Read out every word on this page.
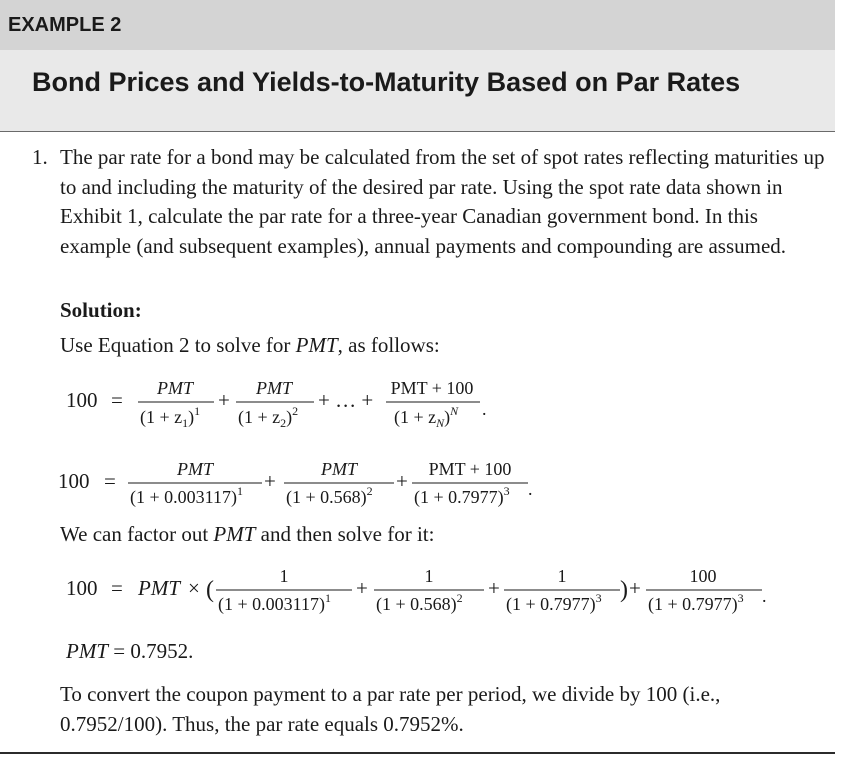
EXAMPLE 2
Bond Prices and Yields-to-Maturity Based on Par Rates
1. The par rate for a bond may be calculated from the set of spot rates reflecting maturities up to and including the maturity of the desired par rate. Using the spot rate data shown in Exhibit 1, calculate the par rate for a three-year Canadian government bond. In this example (and subsequent examples), annual payments and compounding are assumed.
Solution:
Use Equation 2 to solve for PMT, as follows:
100 = PMT
$(1 + z_1)^1$ + PMT
$(1 + z_2)^2$ + … + PMT + 100
$(1 + z_N)^N$ .
100 =	PMT
$(1 + 0.003117)^1$ +	PMT
$(1 + 0.568)^2$ + PMT + 100
$(1 + 0.7977)^3$ .
We can factor out PMT and then solve for it:
100 = PMT × (
1
$(1 + 0.003117)^1$ +	1
$(1 + 0.568)^2$ +	1
$(1 + 0.7977)^3$ ) +	100
$(1 + 0.7977)^3$ .
PMT = 0.7952.
To convert the coupon payment to a par rate per period, we divide by 100 (i.e., 0.7952/100). Thus, the par rate equals 0.7952%.
